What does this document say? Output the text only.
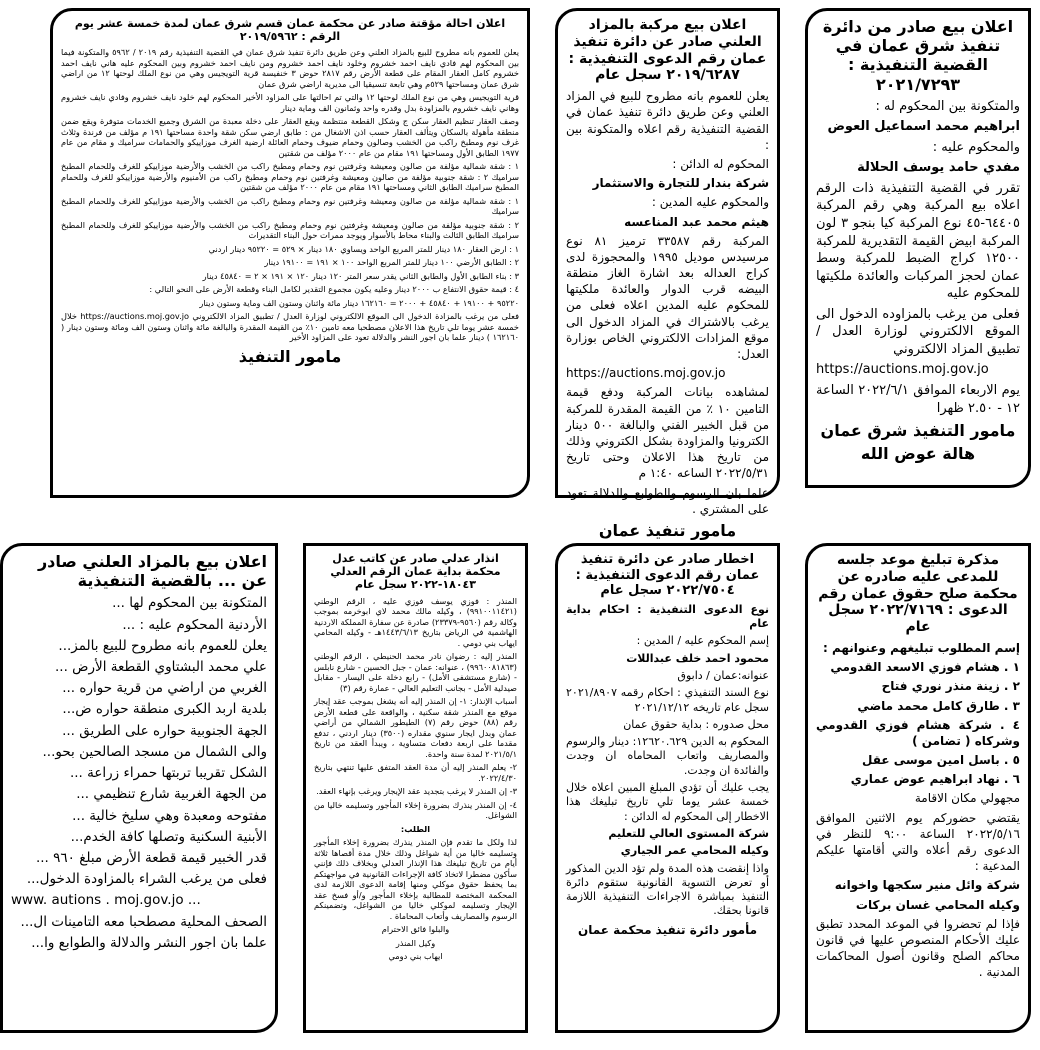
اعلان بيع صادر من دائرة تنفيذ شرق عمان في القضية التنفيذية : ٢٠٢١/٧٢٩٣

والمتكونة بين المحكوم له :

ابراهيم محمد اسماعيل العوض

والمحكوم عليه :

مفدي حامد يوسف الحلالة

تقرر في القضية التنفيذية ذات الرقم اعلاه بيع المركبة وهي رقم المركبة ٦٤٤٠٥-٤٥ نوع المركبة كيا بنجو ٣ لون المركبة ابيض القيمة التقديرية للمركبة ١٢٥٠٠ كراج الضبط للمركبة وسط عمان لحجز المركبات والعائدة ملكيتها للمحكوم عليه

فعلى من يرغب بالمزاوده الدخول الى الموقع الالكتروني لوزارة العدل / تطبيق المزاد الالكتروني

https://auctions.moj.gov.jo

يوم الاربعاء الموافق ٢٠٢٢/٦/١ الساعة ١٢ - ٢.٥٠ ظهرا

مامور التنفيذ شرق عمان
هالة عوض الله
اعلان بيع مركبة بالمزاد العلني صادر عن دائرة تنفيذ عمان رقم الدعوى التنفيذية : ٢٠١٩/٦٢٨٧ سجل عام

يعلن للعموم بانه مطروح للبيع في المزاد العلني وعن طريق دائرة تنفيذ عمان في القضية التنفيذية رقم اعلاه والمتكونة بين :

المحكوم له الدائن :

شركة بندار للتجارة والاستثمار

والمحكوم عليه المدين :

هيثم محمد عبد المناعسه

المركبة رقم ٣٣٥٨٧ ترميز ٨١ نوع مرسيدس موديل ١٩٩٥ والمحجوزة لدى كراج العداله بعد اشارة الغاز منطقة البيضه قرب الدوار والعائدة ملكيتها للمحكوم عليه المدين اعلاه فعلى من يرغب بالاشتراك في المزاد الدخول الى موقع المزادات الالكتروني الخاص بوزارة العدل:

https://auctions.moj.gov.jo

لمشاهده بيانات المركبة ودفع قيمة التامين ١٠ ٪ من القيمة المقدرة للمركبة من قبل الخبير الفني والبالغة ٥٠٠ دينار الكترونيا والمزاودة بشكل الكتروني وذلك من تاريخ هذا الاعلان وحتى تاريخ ٢٠٢٢/٥/٣١ الساعه ١:٤٠ م

علما بان الرسوم والطوابع والدلالة تعود على المشتري .

مامور تنفيذ عمان
اعلان احالة مؤقتة صادر عن محكمة عمان قسم شرق عمان لمدة خمسة عشر يوم الرقم : ٢٠١٩/٥٩٦٢

يعلن للعموم بانه مطروح للبيع بالمزاد العلني وعن طريق دائرة تنفيذ شرق عمان في القضية التنفيذية رقم ٢٠١٩ / ٥٩٦٢ والمتكونة فيما بين المحكوم لهم فادي نايف احمد خشروم وخلود نايف احمد خشروم ومن نايف احمد خشروم وبين المحكوم عليه هاني نايف احمد خشروم كامل العقار المقام على قطعة الأرض رقم ٢٨١٧ حوض ٣ خنفيسة قرية التويجيس وهي من نوع الملك لوحتها ١٢ من اراضي شرق عمان ومساحتها ٥٢٩م وهي تابعة تنسيقيا الى مديرية اراضي شرق عمان

قرية التويجيس وهي من نوع الملك لوحتها ١٢ والتي تم احالتها على المزاود الأخير المحكوم لهم خلود نايف خشروم وفادي نايف خشروم وهاني نايف خشروم بالمزاودة بدل وقدره واحد وثمانون الف وماية دينار

وصف العقار تنظيم العقار سكن ج وشكل القطعة منتظمة ويقع العقار على دخلة معبدة من الشرق وجميع الخدمات متوفرة ويقع ضمن منطقة مأهولة بالسكان ويتألف العقار حسب اذن الاشغال من : طابق ارضي سكن شقة واحدة مساحتها ١٩١ م مؤلف من فرندة وثلاث غرف نوم ومطبخ راكب من الخشب وصالون وحمام ضيوف وحمام العائلة ارضية الغرف موزاييكو والحمامات سراميك و مقام من عام ١٩٧٧ الطابق الأول ومساحتها ١٩١ مقام من عام ٢٠٠٠ مؤلف من شقتين

١ : شقة شمالية مؤلفة من صالون ومعيشة وغرفتين نوم وحمام ومطبخ راكب من الخشب والأرضية موزاييكو للغرف وللحمام المطبخ سراميك ٢ : شقة جنوبية مؤلفة من صالون ومعيشة وغرفتين نوم وحمام ومطبخ راكب من الأمنيوم والأرضية موزاييكو للغرف وللحمام المطبخ سراميك الطابق الثاني ومساحتها ١٩١ مقام من عام ٢٠٠٠ مؤلف من شقتين

١ : شقة شمالية مؤلفة من صالون ومعيشة وغرفتين نوم وحمام ومطبخ راكب من الخشب والأرضية موزاييكو للغرف وللحمام المطبخ سراميك

٢ : شقة جنوبية مؤلفة من صالون ومعيشة وغرفتين نوم وحمام ومطبخ راكب من الخشب والأرضية موزاييكو للغرف وللحمام المطبخ سراميك الطابق الثالث والبناء محاط بالأسوار ويوجد ممرات حول البناء التقديرات

١ : ارض العقار ١٨٠ دينار للمتر المربع الواحد ويساوي ١٨٠ دينار × ٥٢٩ = ٩٥٢٢٠ دينار اردني

٢ : الطابق الأرضي ١٠٠ دينار للمتر المربع الواحد ١٠٠ × ١٩١ = ١٩١٠٠ دينار

٣ : بناء الطابق الأول والطابق الثاني يقدر سعر المتر ١٢٠ دينار ١٢٠ × ١٩١ × ٢ = ٤٥٨٤٠ دينار

٤ : قيمة حقوق الانتفاع ب ٢٠٠٠ دينار وعليه يكون مجموع التقدير لكامل البناء وقطعة الأرض على النحو التالي :

٩٥٢٢٠ + ١٩١٠٠ + ٤٥٨٤٠ + ٢٠٠٠ = ١٦٢١٦٠ دينار مائة واثنان وستون الف وماية وستون دينار

فعلى من يرغب بالمزادة الدخول الى الموقع الالكتروني لوزارة العدل / تطبيق المزاد الالكتروني https://auctions.moj.gov.jo خلال خمسة عشر يوما تلي تاريخ هذا الاعلان مصطحبا معه تامين ١٠٪ من القيمة المقدرة والبالغة مائة واثنان وستون الف ومائة وستون دينار ( ١٦٢١٦٠ ) دينار علما بان اجور النشر والدلالة تعود على المزاود الأخير

مامور التنفيذ
مذكرة تبليغ موعد جلسه للمدعى عليه صادره عن محكمة صلح حقوق عمان رقم الدعوى : ٢٠٢٢/٧١٦٩ سجل عام

إسم المطلوب تبليغهم وعنوانهم :

١ . هشام فوزي الاسعد القدومي

٢ . زينة منذر نوري فتاح

٣ . طارق كامل محمد ماضي

٤ . شركة هشام فوزي القدومي وشركاه ( تضامن )

٥ . باسل امين موسى عقل

٦ . نهاد ابراهيم عوض عماري

مجهولي مكان الاقامة

يقتضي حضوركم يوم الاثنين الموافق ٢٠٢٢/٥/١٦ الساعة ٩:٠٠ للنظر في الدعوى رقم أعلاه والتي أقامتها عليكم المدعية :

شركة وائل منير سكجها واخوانه

وكيله المحامي غسان بركات

فإذا لم تحضروا في الموعد المحدد تطبق عليك الأحكام المنصوص عليها في قانون محاكم الصلح وقانون أصول المحاكمات المدنية .

اخطار صادر عن دائرة تنفيذ عمان رقم الدعوى التنفيذية : ٢٠٢٢/٧٥٠٤ سجل عام

نوع الدعوى التنفيذية : احكام بداية عام

إسم المحكوم عليه / المدين :

محمود احمد خلف عبداللات

عنوانه:عمان / دابوق

نوع السند التنفيذي : احكام رقمه ٢٠٢١/٨٩٠٧ سجل عام تاريخه ٢٠٢١/١٢/١٢

محل صدوره : بداية حقوق عمان

المحكوم به الدين ١٢٦٢٠.٦٢٩: دينار والرسوم والمصاريف واتعاب المحاماه ان وجدت والفائدة ان وجدت.

يجب عليك أن تؤدي المبلغ المبين اعلاه خلال خمسة عشر يوما تلي تاريخ تبليغك هذا الاخطار إلى المحكوم له الدائن :

شركة المستوى العالي للتعليم

وكيله المحامي عمر الجياري

واذا إنقضت هذه المدة ولم تؤد الدين المذكور أو تعرض التسوية القانونية ستقوم دائرة التنفيذ بمباشرة الاجراءات التنفيذية اللازمة قانونا بحقك.

مأمور دائرة تنفيذ محكمة عمان
انذار عدلي صادر عن كاتب عدل محكمة بداية عمان الرقم العدلي ١٨٠٤٣-٢٠٢٢ سجل عام

المنذر : فوزي يوسف فوزي عليه ، الرقم الوطني (٩٩١٠٠١١٤٢١) ، وكيله مالك محمد لاي ابوخرمه بموجب وكالة رقم (٩٥٦٠-٢٣٣٧٩) صادرة عن سفارة المملكة الاردنية الهاشمية في الرياض بتاريخ ١٤٤٣/٦/١٣هـ - وكيله المحامي ايهاب بني دومي .

المنذر إليه : رضوان نادر محمد الحنيطي ، الرقم الوطني (٩٩٦٠٠٨١٨٦٣) ، عنوانه: عمان - جبل الحسين - شارع نابلس - (شارع مستشفى الأمل) - رابع دخلة على اليسار - مقابل صيدلية الأمل - بجانب التعليم العالي - عمارة رقم (٣)

أسباب الإنذار: ١- إن المنذر إليه أنه يشغل بموجب عقد إيجار موقع مع المنذر شقة سكنية ، والواقعة على قطعة الأرض رقم (٨٨) حوض رقم (٧) الطيطور الشمالي من أراضي عمان وبدل ايجار سنوي مقداره (٣٥٠٠) دينار اردني ، تدفع مقدما على اربعة دفعات متساوية ، ويبدأ العقد من تاريخ ٢٠٢١/٥/١ لمدة سنة واحدة.

٢- يعلم المنذر إليه أن مدة العقد المتفق عليها تنتهي بتاريخ ٢٠٢٢/٤/٣٠.

٣- إن المنذر لا يرغب بتجديد عقد الإيجار ويرغب بإنهاء العقد.

٤- إن المنذر ينذرك بضرورة إخلاء المأجور وتسليمه خاليا من الشواغل.

الطلب:

لذا ولكل ما تقدم فإن المنذر ينذرك بضرورة إخلاء المأجور وتسليمه خاليا من أية شواغل وذلك خلال مدة أقصاها ثلاثة أيام من تاريخ تبليغك هذا الإنذار العدلي وبخلاف ذلك فإنني سأكون مضطرا لاتخاذ كافة الإجراءات القانونية في مواجهتكم بما يحفظ حقوق موكلي ومنها إقامة الدعوى اللازمة لدى المحكمة المختصة للمطالبة بإخلاء المأجور و/أو فسخ عقد الإيجار وتسليمه لموكلي خاليا من الشواغل، وتضمينكم الرسوم والمصاريف وأتعاب المحاماة .

والبلوا فائق الاحترام

وكيل المنذر

ايهاب بني دومي

اعلان بيع بالمزاد العلني صادر عن ... بالقضية التنفيذية

المتكونة بين المحكوم لها ...

الأردنية المحكوم عليه : ...

يعلن للعموم بانه مطروح للبيع بالمز...

علي محمد البشتاوي القطعة الأرض ...

الغربي من اراضي من قرية حواره ...

بلدية اربد الكبرى منطقة حواره ض...

الجهة الجنوبية حواره على الطريق ...

والى الشمال من مسجد الصالحين بحو...

الشكل تقريبا تربتها حمراء زراعة ...

من الجهة الغربية شارع تنظيمي ...

مفتوحه ومعبدة وهي سليخ خالية ...

الأبنية السكنية وتصلها كافة الخدم...

قدر الخبير قيمة قطعة الأرض مبلغ ٩٦٠ ...

فعلى من يرغب الشراء بالمزاودة الدخول...

www. autions . moj.gov.jo ...

الصحف المحلية مصطحبا معه التامينات ال...

علما بان اجور النشر والدلالة والطوابع وا...
